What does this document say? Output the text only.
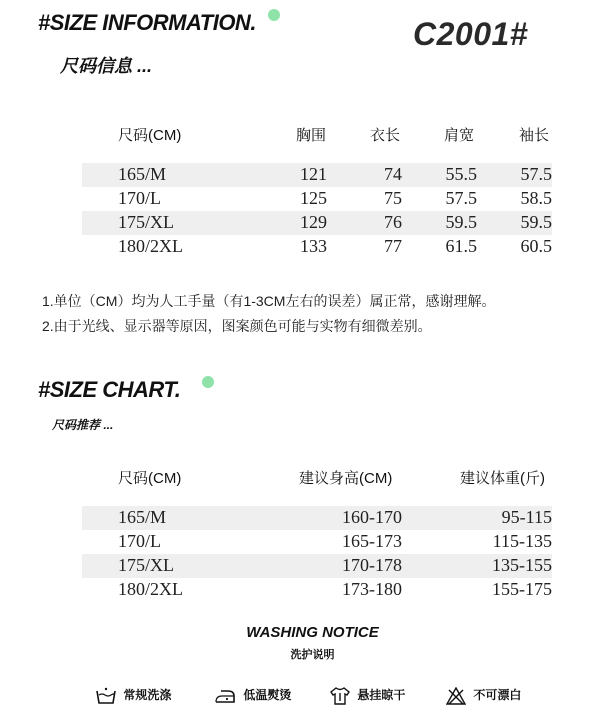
#SIZE INFORMATION.
尺码信息 ...
C2001#
尺码(CM)	胸围	衣长	肩宽	袖长
165/M	121	74	55.5	57.5
170/L	125	75	57.5	58.5
175/XL	129	76	59.5	59.5
180/2XL	133	77	61.5	60.5
1.单位（CM）均为人工手量（有1-3CM左右的误差）属正常，感谢理解。
2.由于光线、显示器等原因，图案颜色可能与实物有细微差别。
#SIZE CHART.
尺码推荐 ...
尺码(CM)	建议身高(CM)	建议体重(斤)
165/M	160-170	95-115
170/L	165-173	115-135
175/XL	170-178	135-155
180/2XL	173-180	155-175
WASHING NOTICE
洗护说明
常规洗涤	低温熨烫	悬挂晾干	不可漂白
